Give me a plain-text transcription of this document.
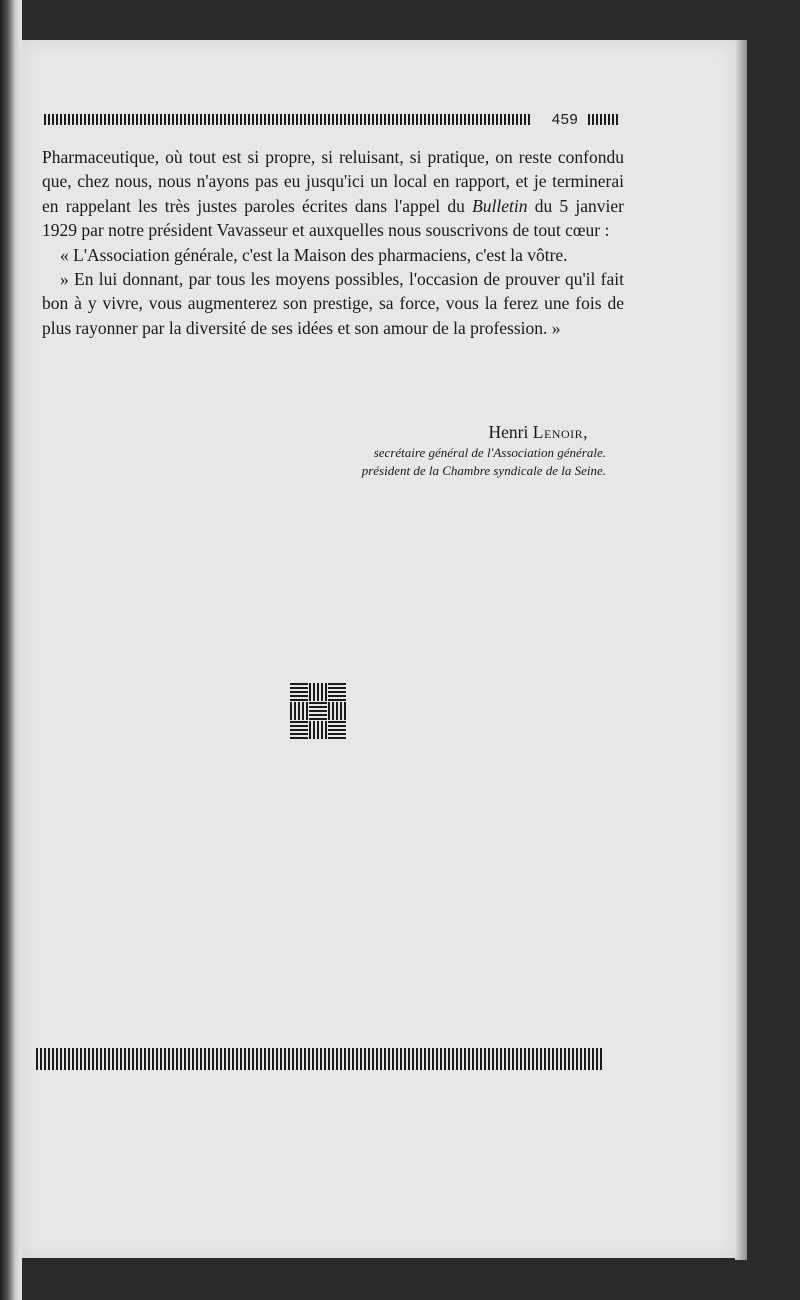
459

Pharmaceutique, où tout est si propre, si reluisant, si pratique, on reste confondu que, chez nous, nous n'ayons pas eu jusqu'ici un local en rapport, et je terminerai en rappelant les très justes paroles écrites dans l'appel du Bulletin du 5 janvier 1929 par notre président Vavasseur et auxquelles nous souscrivons de tout cœur :

« L'Association générale, c'est la Maison des pharmaciens, c'est la vôtre.

» En lui donnant, par tous les moyens possibles, l'occasion de prouver qu'il fait bon à y vivre, vous augmenterez son prestige, sa force, vous la ferez une fois de plus rayonner par la diversité de ses idées et son amour de la profession. »

Henri Lenoir,
secrétaire général de l'Association générale.
président de la Chambre syndicale de la Seine.
